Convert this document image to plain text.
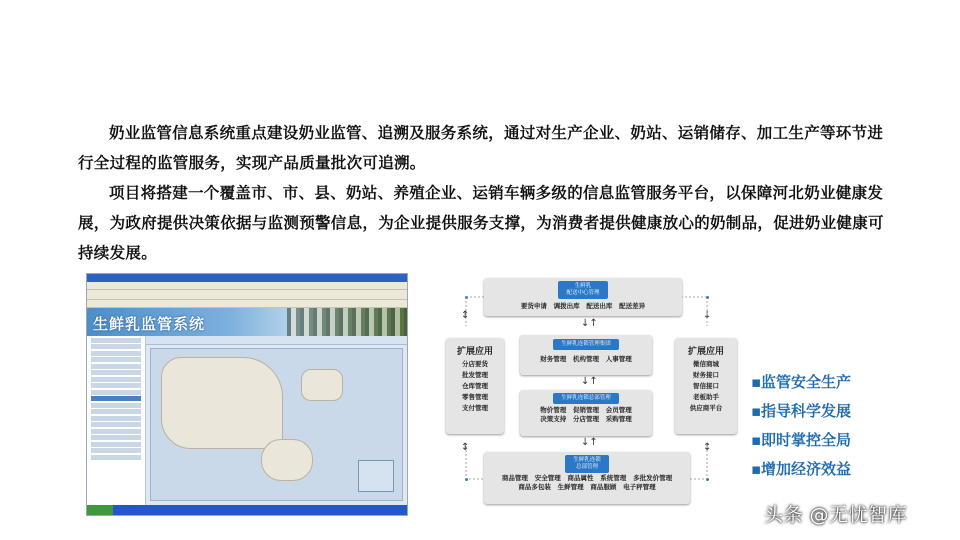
奶业监管信息系统重点建设奶业监管、追溯及服务系统，通过对生产企业、奶站、运销储存、加工生产等环节进行全过程的监管服务，实现产品质量批次可追溯。

项目将搭建一个覆盖市、市、县、奶站、养殖企业、运销车辆多级的信息监管服务平台，以保障河北奶业健康发展，为政府提供决策依据与监测预警信息，为企业提供服务支撑，为消费者提供健康放心的奶制品，促进奶业健康可持续发展。

生鲜乳监管系统
生鲜乳
配送中心管理
要货申请   调拨出库   配送出库   配送差异
扩展应用
分店要货
批发管理
仓库管理
零售管理
支付管理
扩展应用
微信商城
财务接口
智信接口
老板助手
供应商平台
生鲜乳连锁管理集团
财务管理   机构管理   人事管理
生鲜乳连锁总部管理
物价管理   促销管理   会员管理
决策支持   分店管理   采购管理
生鲜乳连锁
总部管理
商品管理   安全管理   商品属性   系统管理   多批发价管理
商品多包装   生鲜管理   商品服顾   电子秤管理
↕	↓
↕	↕
↓↑
↓↑
↓↑
▪监管安全生产
▪指导科学发展
▪即时掌控全局
▪增加经济效益
头条 @无忧智库
